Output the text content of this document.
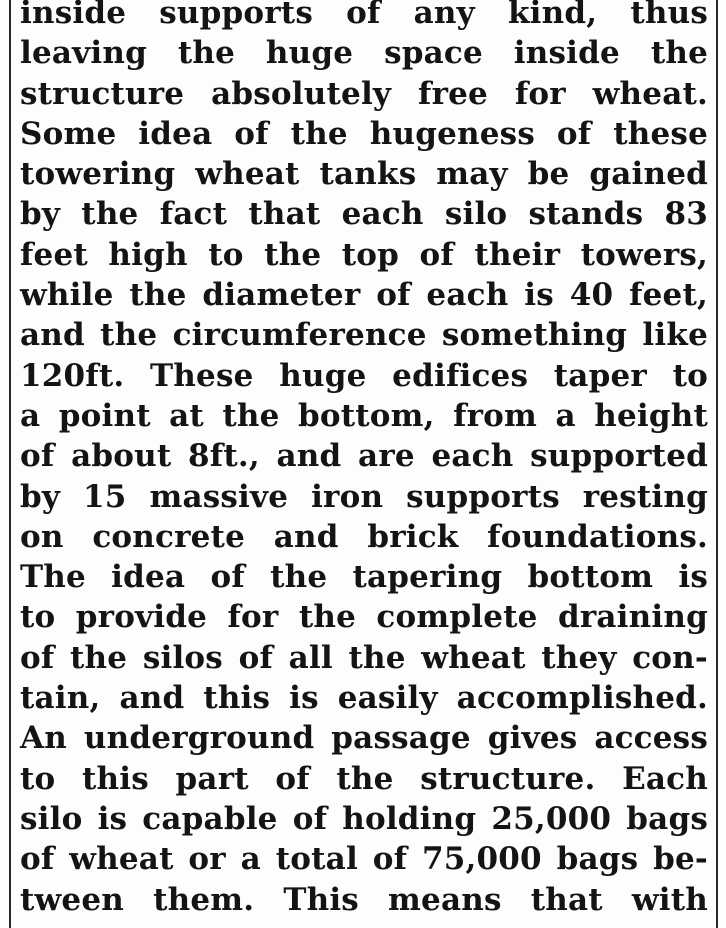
inside supports of any kind, thus
leaving the huge space inside the
structure absolutely free for wheat.
Some idea of the hugeness of these
towering wheat tanks may be gained
by the fact that each silo stands 83
feet high to the top of their towers,
while the diameter of each is 40 feet,
and the circumference something like
120ft. These huge edifices taper to
a point at the bottom, from a height
of about 8ft., and are each supported
by 15 massive iron supports resting
on concrete and brick foundations.
The idea of the tapering bottom is
to provide for the complete draining
of the silos of all the wheat they con-
tain, and this is easily accomplished.
An underground passage gives access
to this part of the structure. Each
silo is capable of holding 25,000 bags
of wheat or a total of 75,000 bags be-
tween them. This means that with
